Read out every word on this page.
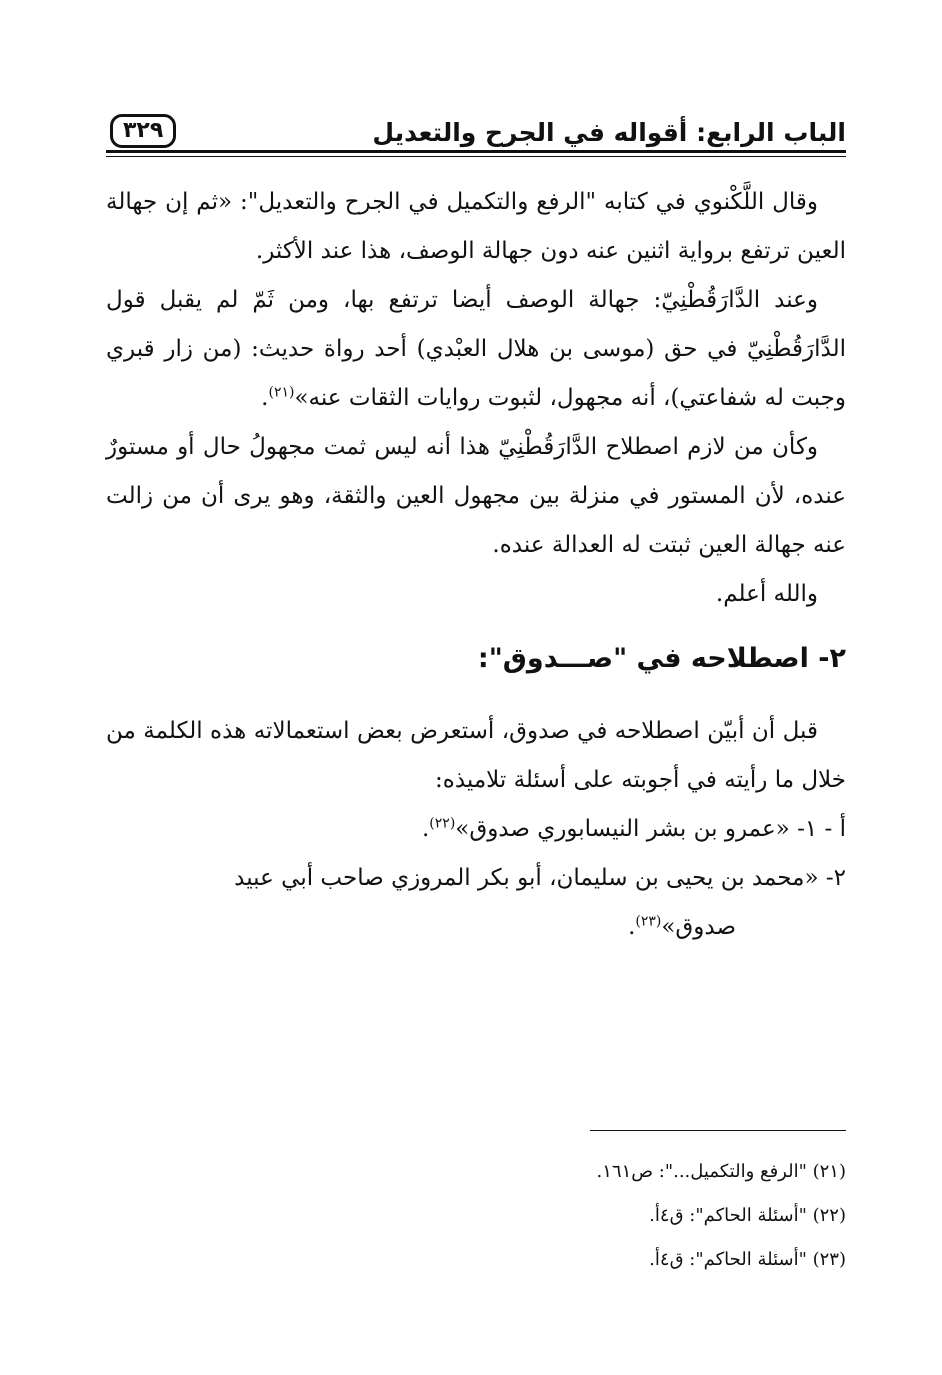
الباب الرابع: أقواله في الجرح والتعديل
٣٢٩

وقال اللَّكْنوي في كتابه "الرفع والتكميل في الجرح والتعديل": «ثم إن جهالة العين ترتفع برواية اثنين عنه دون جهالة الوصف، هذا عند الأكثر.

وعند الدَّارَقُطْنِيّ: جهالة الوصف أيضا ترتفع بها، ومن ثَمّ لم يقبل قول الدَّارَقُطْنِيّ في حق (موسى بن هلال العبْدي) أحد رواة حديث: (من زار قبري وجبت له شفاعتي)، أنه مجهول، لثبوت روايات الثقات عنه»$^{(٢١)}$.

وكأن من لازم اصطلاح الدَّارَقُطْنِيّ هذا أنه ليس ثمت مجهولُ حال أو مستورٌ عنده، لأن المستور في منزلة بين مجهول العين والثقة، وهو يرى أن من زالت عنه جهالة العين ثبتت له العدالة عنده.

والله أعلم.

٢- اصطلاحه في "صـــدوق":

قبل أن أبيّن اصطلاحه في صدوق، أستعرض بعض استعمالاته هذه الكلمة من خلال ما رأيته في أجوبته على أسئلة تلاميذه:

أ - ١- «عمرو بن بشر النيسابوري صدوق»$^{(٢٢)}$.

٢- «محمد بن يحيى بن سليمان، أبو بكر المروزي صاحب أبي عبيد

صدوق»$^{(٢٣)}$.

(٢١) "الرفع والتكميل...": ص١٦١.

(٢٢) "أسئلة الحاكم": ق٤أ.

(٢٣) "أسئلة الحاكم": ق٤أ.
